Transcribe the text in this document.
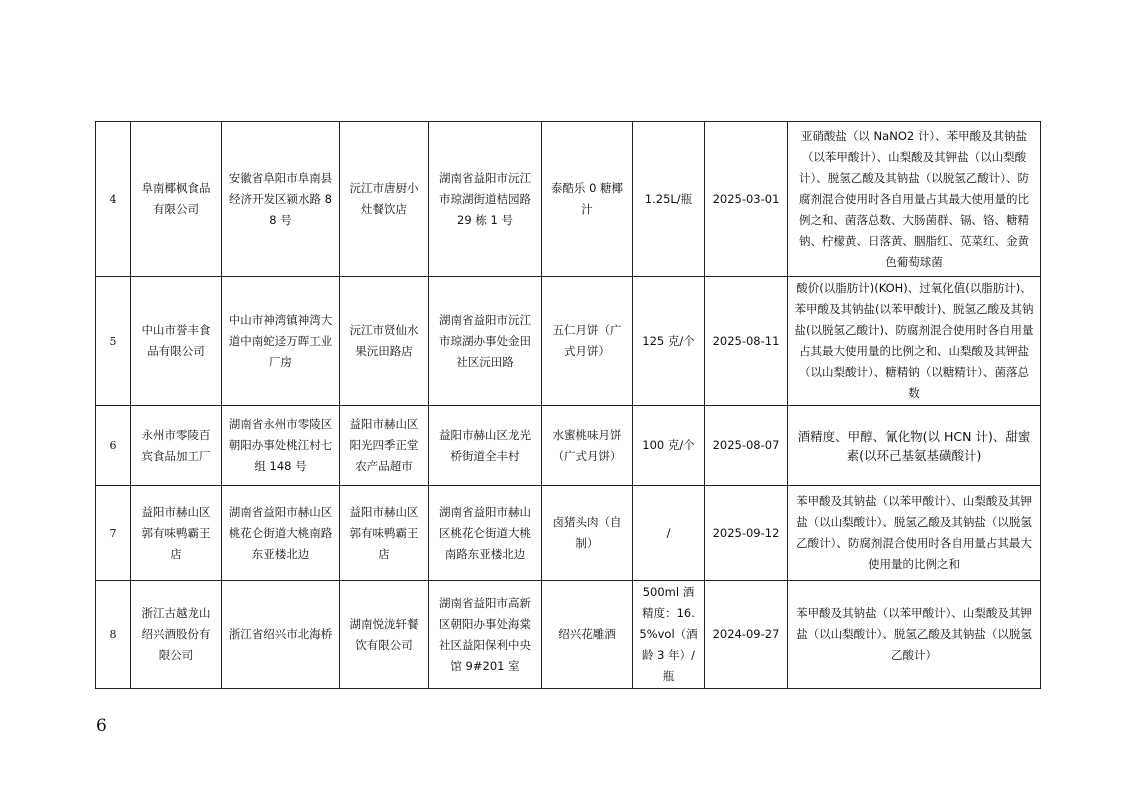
4	阜南椰枫食品有限公司	安徽省阜阳市阜南县经济开发区颍水路 88 号	沅江市唐厨小灶餐饮店	湖南省益阳市沅江市琼湖街道桔园路 29 栋 1 号	泰酷乐 0 糖椰汁	1.25L/瓶	2025-03-01	亚硝酸盐（以 NaNO2 计）、苯甲酸及其钠盐（以苯甲酸计）、山梨酸及其钾盐（以山梨酸计）、脱氢乙酸及其钠盐（以脱氢乙酸计）、防腐剂混合使用时各自用量占其最大使用量的比例之和、菌落总数、大肠菌群、镉、铬、糖精钠、柠檬黄、日落黄、胭脂红、苋菜红、金黄色葡萄球菌
5	中山市誉丰食品有限公司	中山市神湾镇神湾大道中南蛇迳万晖工业厂房	沅江市贤仙水果沅田路店	湖南省益阳市沅江市琼湖办事处金田社区沅田路	五仁月饼（广式月饼）	125 克/个	2025-08-11	酸价(以脂肪计)(KOH)、过氧化值(以脂肪计)、苯甲酸及其钠盐(以苯甲酸计)、脱氢乙酸及其钠盐(以脱氢乙酸计)、防腐剂混合使用时各自用量占其最大使用量的比例之和、山梨酸及其钾盐（以山梨酸计）、糖精钠（以糖精计）、菌落总数
6	永州市零陵百宾食品加工厂	湖南省永州市零陵区朝阳办事处桃江村七组 148 号	益阳市赫山区阳光四季正堂农产品超市	益阳市赫山区龙光桥街道全丰村	水蜜桃味月饼（广式月饼）	100 克/个	2025-08-07	酒精度、甲醇、氰化物(以 HCN 计)、甜蜜素(以环己基氨基磺酸计)
7	益阳市赫山区郭有味鸭霸王店	湖南省益阳市赫山区桃花仑街道大桃南路东亚楼北边	益阳市赫山区郭有味鸭霸王店	湖南省益阳市赫山区桃花仑街道大桃南路东亚楼北边	卤猪头肉（自制）	/	2025-09-12	苯甲酸及其钠盐（以苯甲酸计）、山梨酸及其钾盐（以山梨酸计）、脱氢乙酸及其钠盐（以脱氢乙酸计）、防腐剂混合使用时各自用量占其最大使用量的比例之和
8	浙江古越龙山绍兴酒股份有限公司	浙江省绍兴市北海桥	湖南悦泷轩餐饮有限公司	湖南省益阳市高新区朝阳办事处海棠社区益阳保利中央馆 9#201 室	绍兴花雕酒	500ml 酒精度：16.5%vol（酒龄 3 年）/瓶	2024-09-27	苯甲酸及其钠盐（以苯甲酸计）、山梨酸及其钾盐（以山梨酸计）、脱氢乙酸及其钠盐（以脱氢乙酸计）
6
